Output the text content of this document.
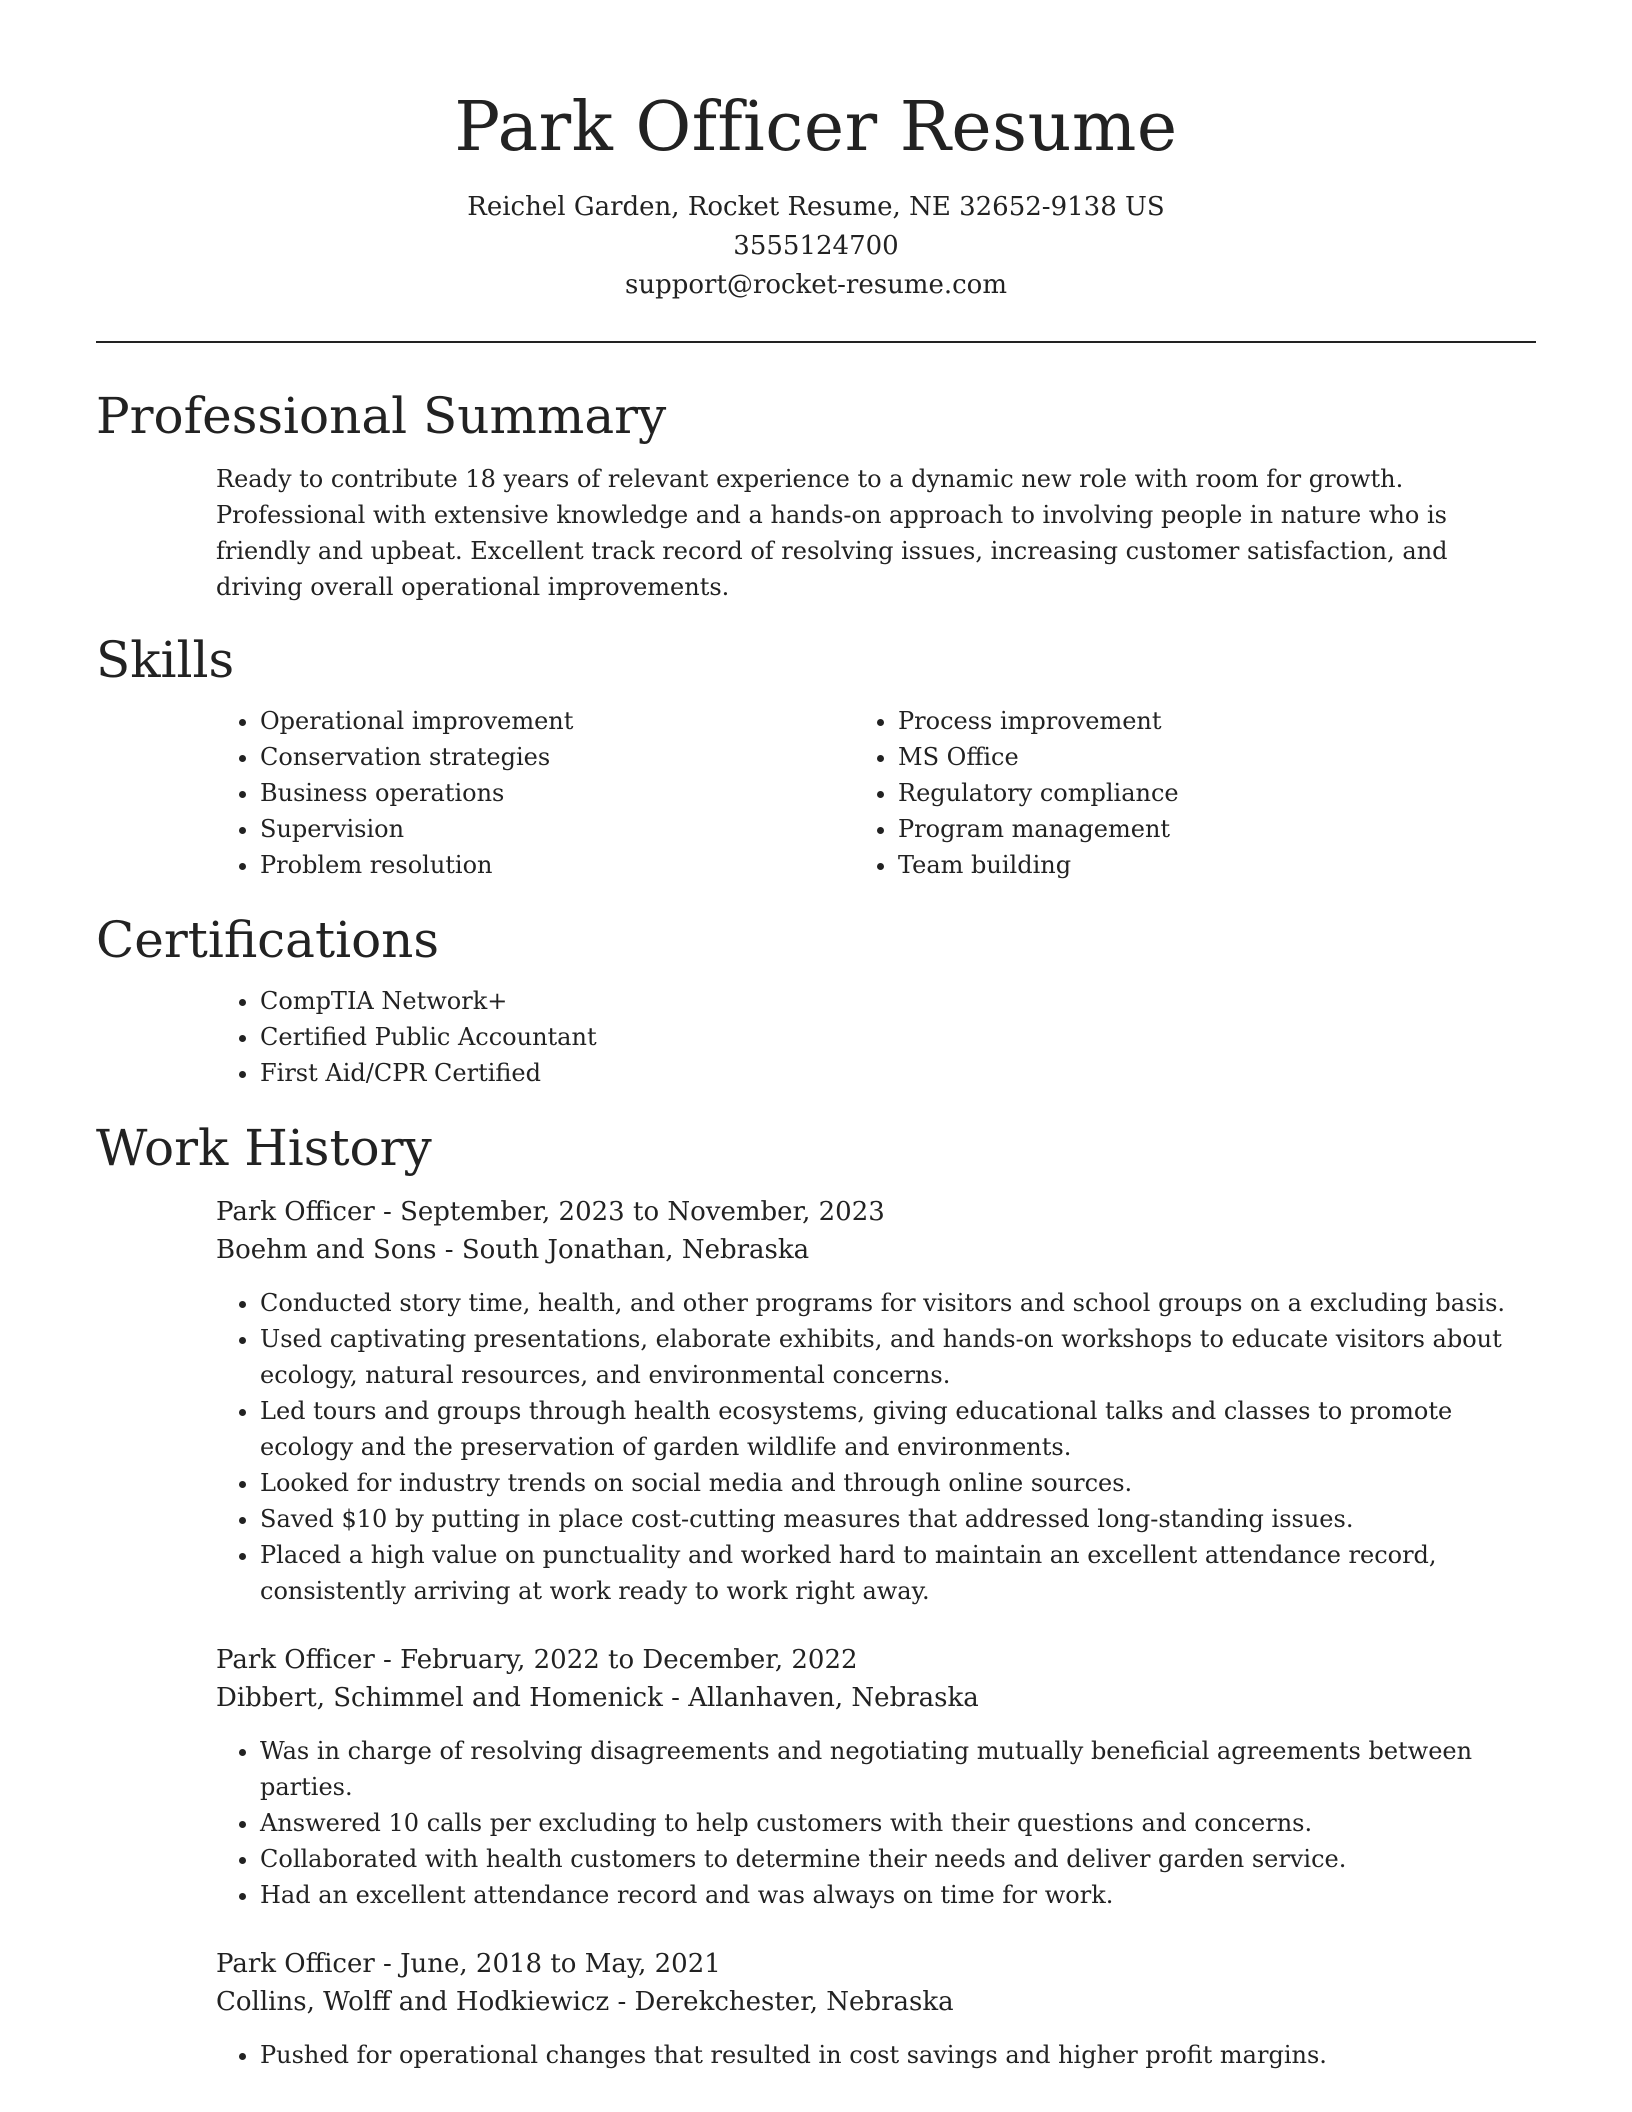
Park Officer Resume

Reichel Garden, Rocket Resume, NE 32652-9138 US

3555124700

support@rocket-resume.com

Professional Summary

Ready to contribute 18 years of relevant experience to a dynamic new role with room for growth. Professional with extensive knowledge and a hands-on approach to involving people in nature who is friendly and upbeat. Excellent track record of resolving issues, increasing customer satisfaction, and driving overall operational improvements.

Skills
• Operational improvement
• Conservation strategies
• Business operations
• Supervision
• Problem resolution
• Process improvement
• MS Office
• Regulatory compliance
• Program management
• Team building
Certifications
• CompTIA Network+
• Certified Public Accountant
• First Aid/CPR Certified
Work History

Park Officer - September, 2023 to November, 2023

Boehm and Sons - South Jonathan, Nebraska

• Conducted story time, health, and other programs for visitors and school groups on a excluding basis.
• Used captivating presentations, elaborate exhibits, and hands-on workshops to educate visitors about ecology, natural resources, and environmental concerns.
• Led tours and groups through health ecosystems, giving educational talks and classes to promote ecology and the preservation of garden wildlife and environments.
• Looked for industry trends on social media and through online sources.
• Saved $10 by putting in place cost-cutting measures that addressed long-standing issues.
• Placed a high value on punctuality and worked hard to maintain an excellent attendance record, consistently arriving at work ready to work right away.

Park Officer - February, 2022 to December, 2022

Dibbert, Schimmel and Homenick - Allanhaven, Nebraska

• Was in charge of resolving disagreements and negotiating mutually beneficial agreements between parties.
• Answered 10 calls per excluding to help customers with their questions and concerns.
• Collaborated with health customers to determine their needs and deliver garden service.
• Had an excellent attendance record and was always on time for work.

Park Officer - June, 2018 to May, 2021

Collins, Wolff and Hodkiewicz - Derekchester, Nebraska

• Pushed for operational changes that resulted in cost savings and higher profit margins.
